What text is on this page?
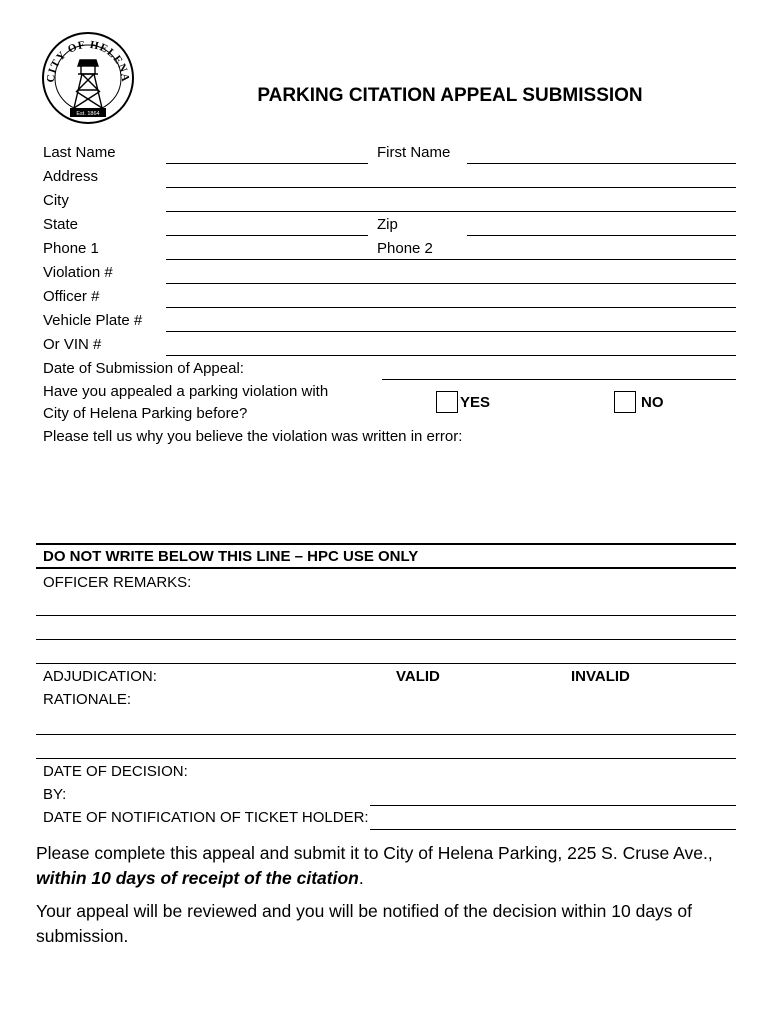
CITY OF HELENA
Est. 1864
PARKING CITATION APPEAL SUBMISSION
Last Name	First Name
Address
City
State	Zip
Phone 1	Phone 2
Violation #
Officer #
Vehicle Plate #
Or VIN #
Date of Submission of Appeal:
Have you appealed a parking violation with
City of Helena Parking before?
YES	NO
Please tell us why you believe the violation was written in error:
DO NOT WRITE BELOW THIS LINE – HPC USE ONLY
OFFICER REMARKS:
ADJUDICATION:	VALID	INVALID
RATIONALE:
DATE OF DECISION:
BY:
DATE OF NOTIFICATION OF TICKET HOLDER:
Please complete this appeal and submit it to City of Helena Parking, 225 S. Cruse Ave.,
within 10 days of receipt of the citation.
Your appeal will be reviewed and you will be notified of the decision within 10 days of submission.
